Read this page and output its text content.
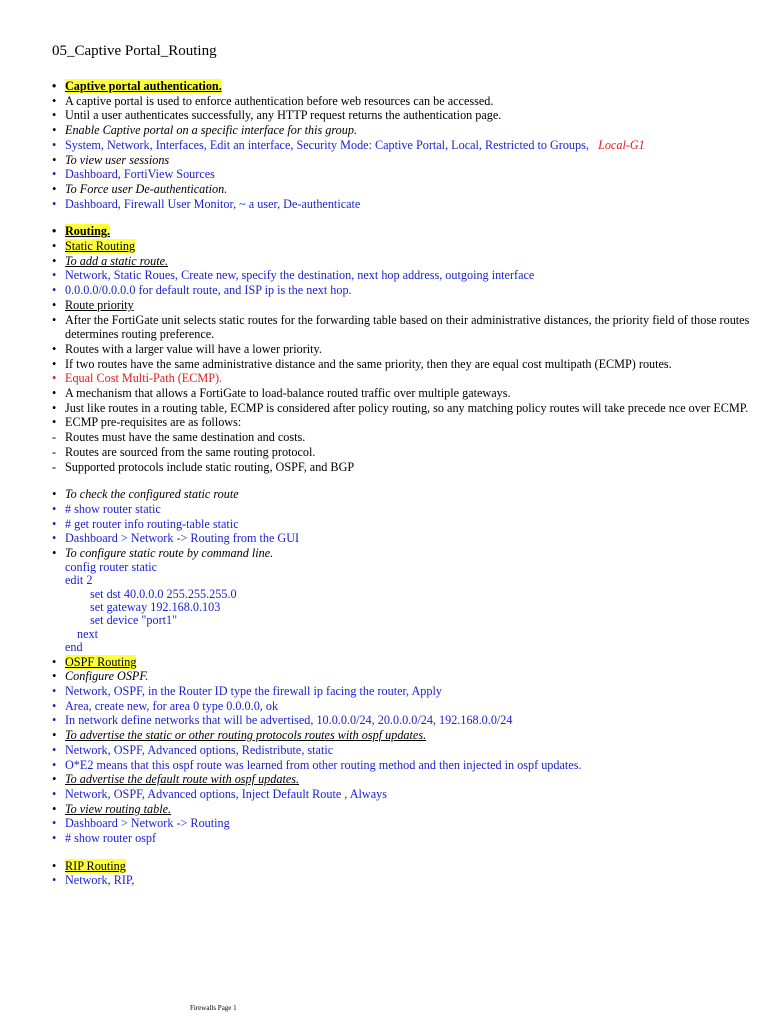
05_Captive Portal_Routing
• Captive portal authentication.
• A captive portal is used to enforce authentication before web resources can be accessed.
• Until a user authenticates successfully, any HTTP request returns the authentication page.
• Enable Captive portal on a specific interface for this group.
• System, Network, Interfaces, Edit an interface, Security Mode: Captive Portal, Local, Restricted to Groups, Local-G1
• To view user sessions
• Dashboard, FortiView Sources
• To Force user De-authentication.
• Dashboard, Firewall User Monitor, ~ a user, De-authenticate
• Routing.
• Static Routing
• To add a static route.
• Network, Static Roues, Create new, specify the destination, next hop address, outgoing interface
• 0.0.0.0/0.0.0.0 for default route, and ISP ip is the next hop.
• Route priority
• After the FortiGate unit selects static routes for the forwarding table based on their administrative distances, the priority field of those routes determines routing preference.
• Routes with a larger value will have a lower priority.
• If two routes have the same administrative distance and the same priority, then they are equal cost multipath (ECMP) routes.
• Equal Cost Multi-Path (ECMP).
• A mechanism that allows a FortiGate to load-balance routed traffic over multiple gateways.
• Just like routes in a routing table, ECMP is considered after policy routing, so any matching policy routes will take precede nce over ECMP.
• ECMP pre-requisites are as follows:
- Routes must have the same destination and costs.
- Routes are sourced from the same routing protocol.
- Supported protocols include static routing, OSPF, and BGP
• To check the configured static route
• # show router static
• # get router info routing-table static
• Dashboard > Network -> Routing from the GUI
• To configure static route by command line.
config router static
edit 2
set dst 40.0.0.0 255.255.255.0
set gateway 192.168.0.103
set device "port1"
next
end
• OSPF Routing
• Configure OSPF.
• Network, OSPF, in the Router ID type the firewall ip facing the router, Apply
• Area, create new, for area 0 type 0.0.0.0, ok
• In network define networks that will be advertised, 10.0.0.0/24, 20.0.0.0/24, 192.168.0.0/24
• To advertise the static or other routing protocols routes with ospf updates.
• Network, OSPF, Advanced options, Redistribute, static
• O*E2 means that this ospf route was learned from other routing method and then injected in ospf updates.
• To advertise the default route with ospf updates.
• Network, OSPF, Advanced options, Inject Default Route , Always
• To view routing table.
• Dashboard > Network -> Routing
• # show router ospf
• RIP Routing
• Network, RIP,
Firewalls Page 1
